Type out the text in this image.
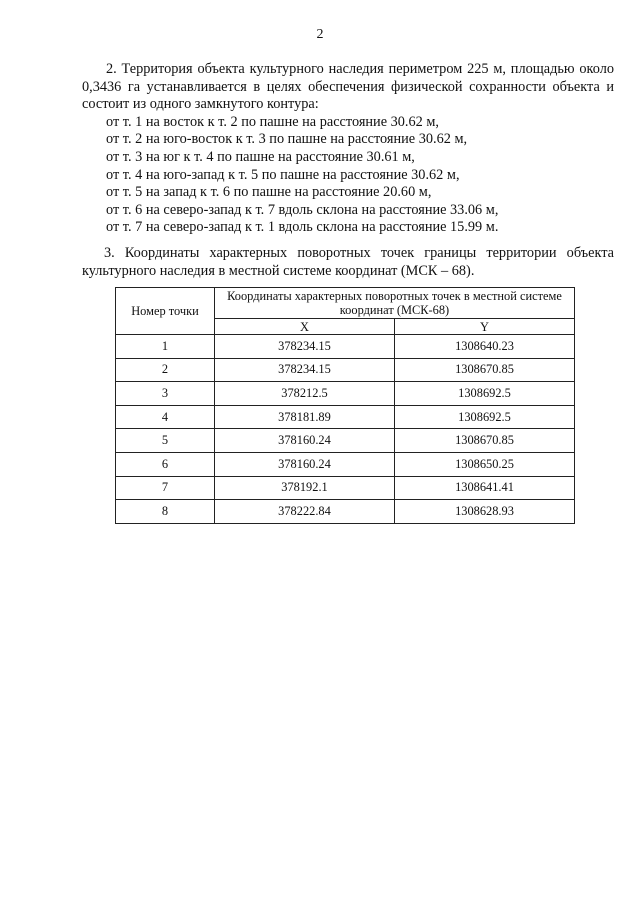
2

2. Территория объекта культурного наследия периметром 225 м, площадью около 0,3436 га устанавливается в целях обеспечения физической сохранности объекта и состоит из одного замкнутого контура:

от т. 1 на восток к т. 2 по пашне на расстояние 30.62 м,
от т. 2 на юго-восток к т. 3 по пашне на расстояние 30.62 м,
от т. 3 на юг к т. 4 по пашне на расстояние 30.61 м,
от т. 4 на юго-запад к т. 5 по пашне на расстояние 30.62 м,
от т. 5 на запад к т. 6 по пашне на расстояние 20.60 м,
от т. 6 на северо-запад к т. 7 вдоль склона на расстояние 33.06 м,
от т. 7 на северо-запад к т. 1 вдоль склона на расстояние 15.99 м.

3. Координаты характерных поворотных точек границы территории объекта культурного наследия в местной системе координат (МСК – 68).

Номер точки	Координаты характерных поворотных точек в местной системе координат (МСК-68)	
	X	Y
1	378234.15	1308640.23
2	378234.15	1308670.85
3	378212.5	1308692.5
4	378181.89	1308692.5
5	378160.24	1308670.85
6	378160.24	1308650.25
7	378192.1	1308641.41
8	378222.84	1308628.93
